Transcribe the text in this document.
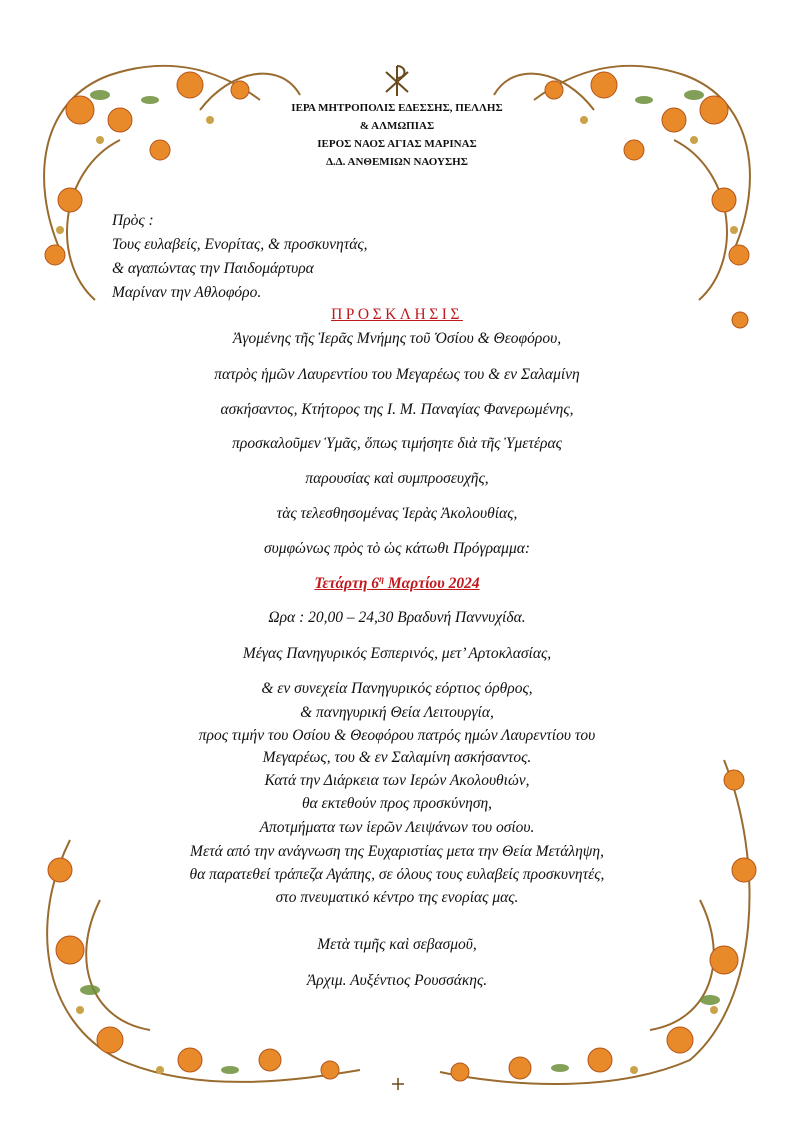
ΙΕΡΑ ΜΗΤΡΟΠΟΛΙΣ ΕΔΕΣΣΗΣ, ΠΕΛΛΗΣ
& ΑΛΜΩΠΙΑΣ
ΙΕΡΟΣ ΝΑΟΣ ΑΓΙΑΣ ΜΑΡΙΝΑΣ
Δ.Δ. ΑΝΘΕΜΙΩΝ ΝΑΟΥΣΗΣ
Πρὸς :
Τους ευλαβείς, Ενορίτας, & προσκυνητάς,
& αγαπώντας την Παιδομάρτυρα
Μαρίναν την Αθλοφόρο.
ΠΡΟΣΚΛΗΣΙΣ
Ἀγομένης τῆς Ἱερᾶς Μνήμης τοῦ Ὁσίου & Θεοφόρου,
πατρὸς ἡμῶν Λαυρεντίου του Μεγαρέως του & εν Σαλαμίνη
ασκήσαντος, Κτήτορος της Ι. Μ. Παναγίας Φανερωμένης,
προσκαλοῦμεν Ὑμᾶς, ὅπως τιμήσητε διὰ τῆς Ὑμετέρας
παρουσίας καὶ συμπροσευχῆς,
τὰς τελεσθησομένας Ἱερὰς Ἀκολουθίας,
συμφώνως πρὸς τὸ ὡς κάτωθι Πρόγραμμα:
Τετάρτη $6^\eta$ Μαρτίου 2024
Ωρα : 20,00 – 24,30 Βραδυνή Παννυχίδα.
Μέγας Πανηγυρικός Εσπερινός, μετ’ Αρτοκλασίας,
& εν συνεχεία Πανηγυρικός εόρτιος όρθρος,
& πανηγυρική Θεία Λειτουργία,
προς τιμήν του Οσίου & Θεοφόρου πατρός ημών Λαυρεντίου του
Μεγαρέως, του & εν Σαλαμίνη ασκήσαντος.
Κατά την Διάρκεια των Ιερών Ακολουθιών,
θα εκτεθούν προς προσκύνηση,
Αποτμήματα των ἱερῶν Λειψάνων του οσίου.
Μετά από την ανάγνωση της Ευχαριστίας μετα την Θεία Μετάληψη,
θα παρατεθεί τράπεζα Αγάπης, σε όλους τους ευλαβείς προσκυνητές,
στο πνευματικό κέντρο της ενορίας μας.
Μετὰ τιμῆς καὶ σεβασμοῦ,
Ἀρχιμ. Αυξέντιος Ρουσσάκης.
